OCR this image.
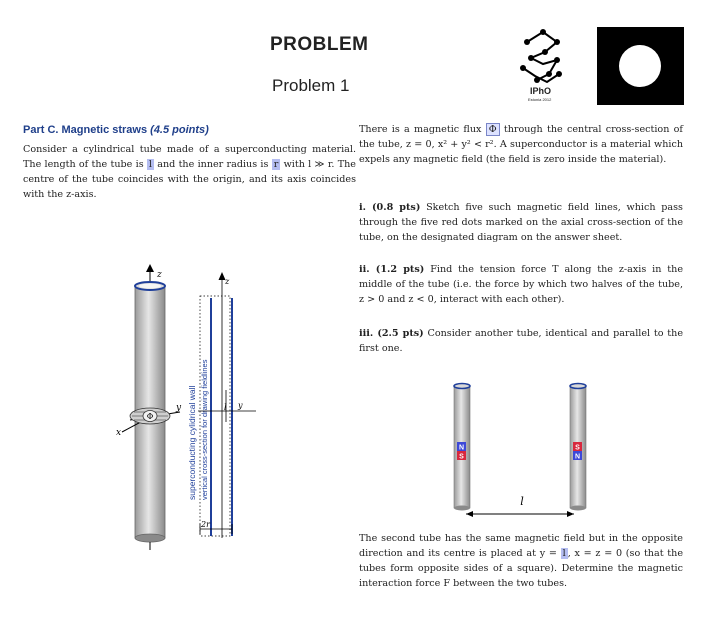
PROBLEM
Problem 1	IPhO
Estonia 2012
Part C. Magnetic straws (4.5 points)
Consider a cylindrical tube made of a superconducting material. The length of the tube is l and the inner radius is r with l ≫ r. The centre of the tube coincides with the origin, and its axis coincides with the z-axis.
There is a magnetic flux Φ through the central cross-section of the tube, z = 0, x² + y² < r². A superconductor is a material which expels any magnetic field (the field is zero inside the material).
i. (0.8 pts) Sketch five such magnetic field lines, which pass through the five red dots marked on the axial cross-section of the tube, on the designated diagram on the answer sheet.
ii. (1.2 pts) Find the tension force T along the z-axis in the middle of the tube (i.e. the force by which two halves of the tube, z > 0 and z < 0, interact with each other).
iii. (2.5 pts) Consider another tube, identical and parallel to the first one.
The second tube has the same magnetic field but in the opposite direction and its centre is placed at y = l , x = z = 0 (so that the tubes form opposite sides of a square). Determine the magnetic interaction force F between the two tubes.
Φ
z
y
x	superconducting cylidrical wall vertical cross-section for drawing fieldlines
z
l y
2r
N
S
S
N
l
